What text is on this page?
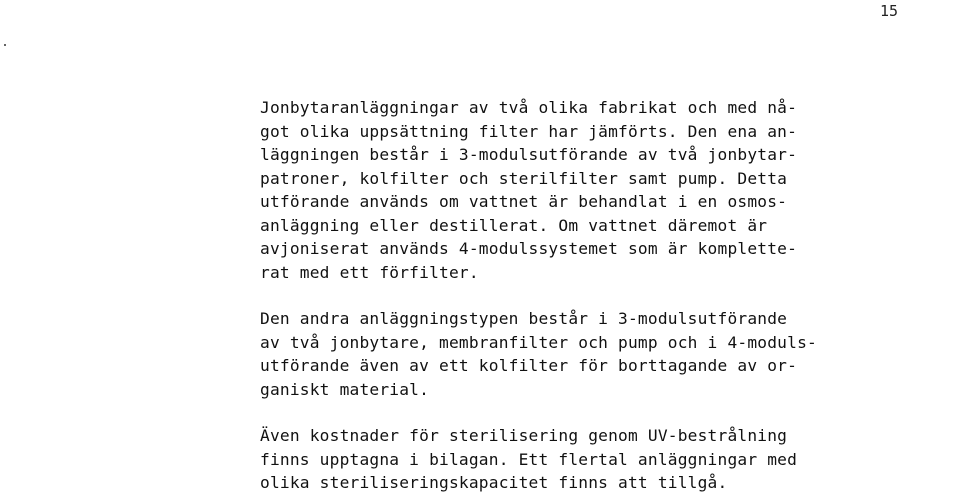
15

Jonbytaranläggningar av två olika fabrikat och med nå-
got olika uppsättning filter har jämförts. Den ena an-
läggningen består i 3-modulsutförande av två jonbytar-
patroner, kolfilter och sterilfilter samt pump. Detta
utförande används om vattnet är behandlat i en osmos-
anläggning eller destillerat. Om vattnet däremot är
avjoniserat används 4-modulssystemet som är komplette-
rat med ett förfilter.

Den andra anläggningstypen består i 3-modulsutförande
av två jonbytare, membranfilter och pump och i 4-moduls-
utförande även av ett kolfilter för borttagande av or-
ganiskt material.

Även kostnader för sterilisering genom UV-bestrålning
finns upptagna i bilagan. Ett flertal anläggningar med
olika steriliseringskapacitet finns att tillgå.
